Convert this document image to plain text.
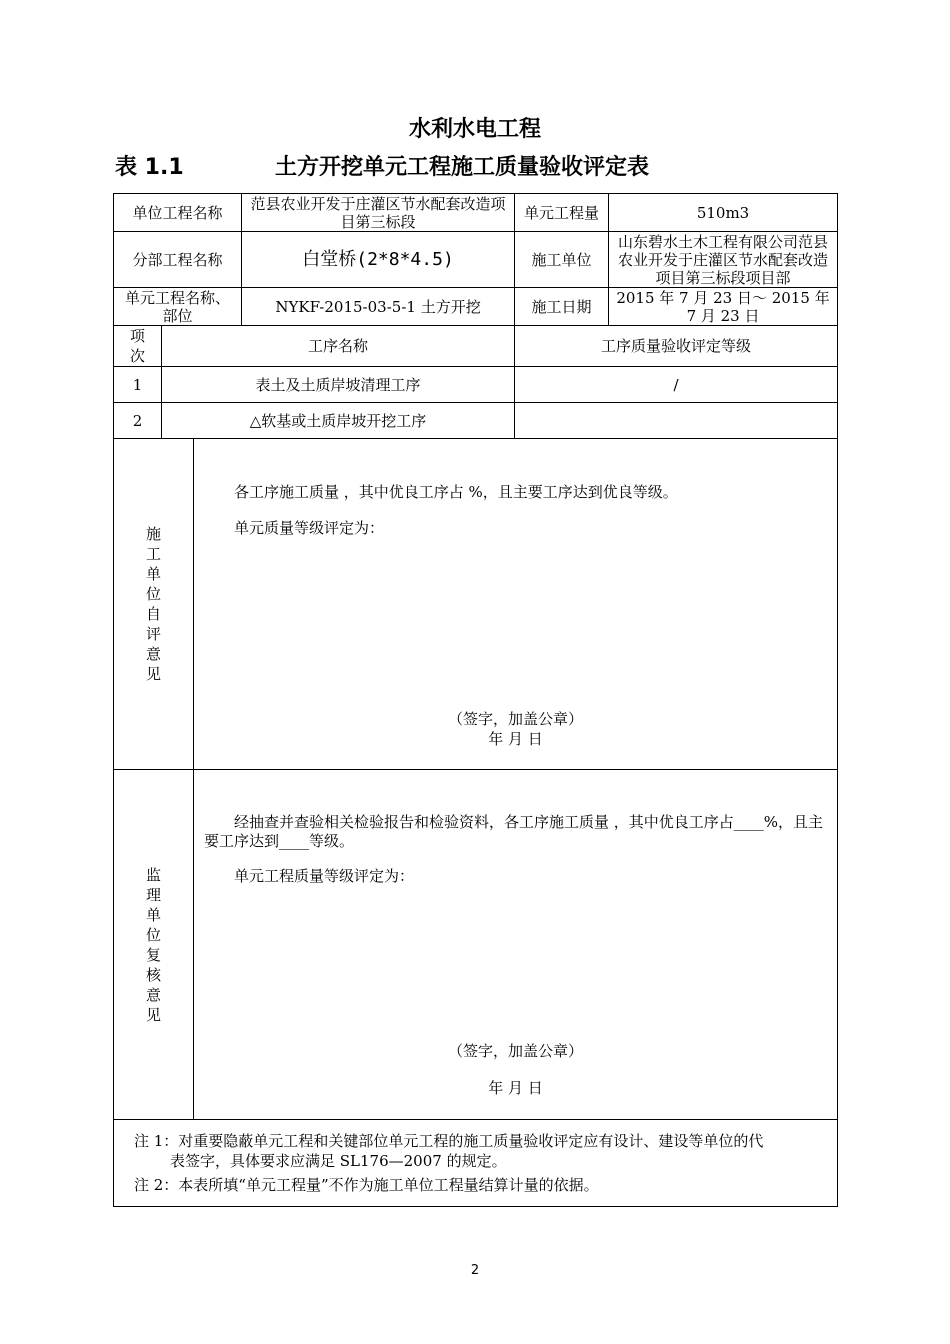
水利水电工程
表 1.1	土方开挖单元工程施工质量验收评定表
单位工程名称			范县农业开发于庄灌区节水配套改造项目第三标段	单元工程量	510m3
分部工程名称			白堂桥(2*8*4.5)	施工单位	山东碧水土木工程有限公司范县农业开发于庄灌区节水配套改造项目第三标段项目部
单元工程名称、部位			NYKF-2015-03-5-1 土方开挖	施工日期	2015 年 7 月 23 日～ 2015 年 7 月 23 日

项次	工序名称			工序质量验收评定等级	
1	表土及土质岸坡清理工序			/	
2	△软基或土质岸坡开挖工序				

施工单位自评意见		各工序施工质量 ，其中优良工序占 %，且主要工序达到优良等级。
单元质量等级评定为：
（签字，加盖公章）
年 月 日			

监理单位复核意见		经抽查并查验相关检验报告和检验资料，各工序施工质量 ，其中优良工序占____%，且主要工序达到____等级。
单元工程质量等级评定为：
（签字，加盖公章）
年 月 日			

注 1：对重要隐蔽单元工程和关键部位单元工程的施工质量验收评定应有设计、建设等单位的代
表签字，具体要求应满足 SL176—2007 的规定。

注 2：本表所填“单元工程量”不作为施工单位工程量结算计量的依据。					

2
